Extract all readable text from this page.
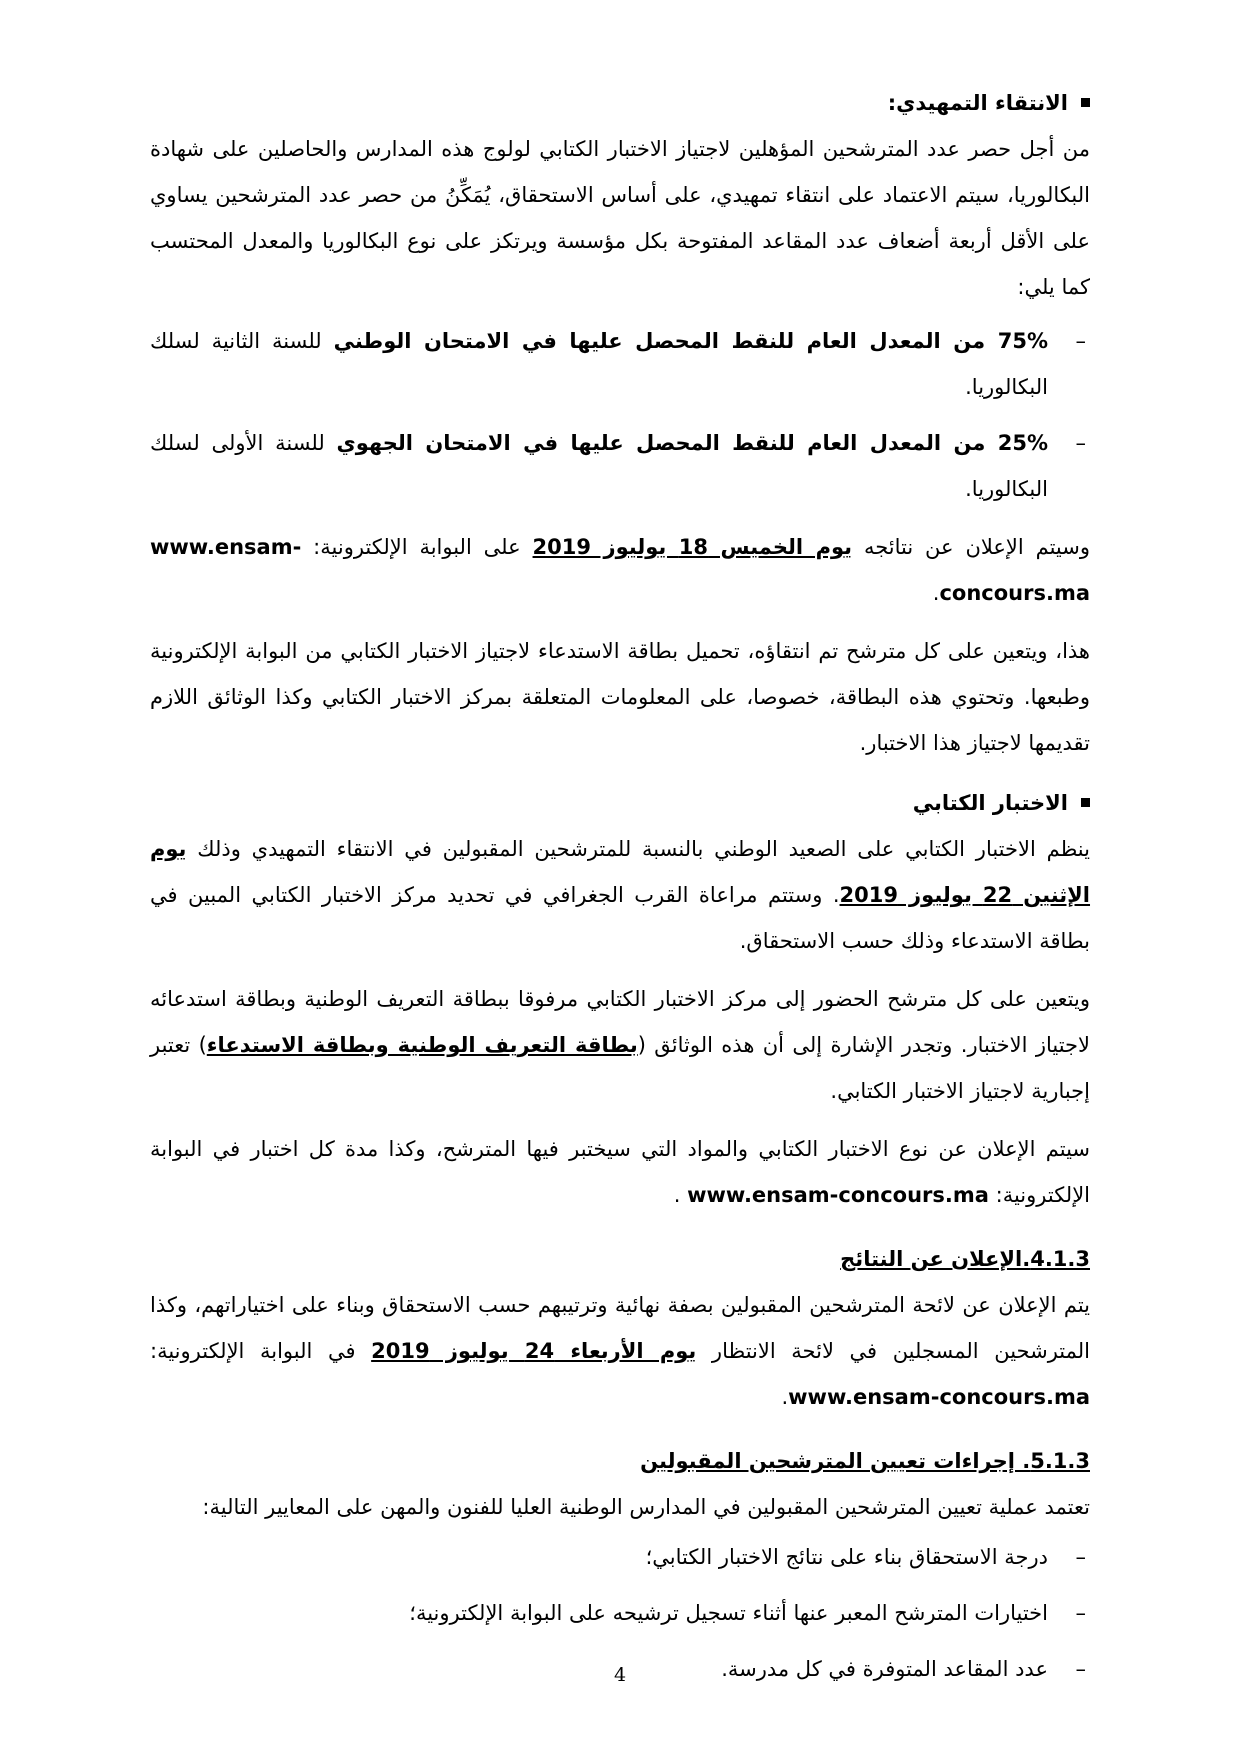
الانتقاء التمهيدي:

من أجل حصر عدد المترشحين المؤهلين لاجتياز الاختبار الكتابي لولوج هذه المدارس والحاصلين على شهادة البكالوريا، سيتم الاعتماد على انتقاء تمهيدي، على أساس الاستحقاق، يُمَكِّنُ من حصر عدد المترشحين يساوي على الأقل أربعة أضعاف عدد المقاعد المفتوحة بكل مؤسسة ويرتكز على نوع البكالوريا والمعدل المحتسب كما يلي:

–
75% من المعدل العام للنقط المحصل عليها في الامتحان الوطني للسنة الثانية لسلك البكالوريا.

–
25% من المعدل العام للنقط المحصل عليها في الامتحان الجهوي للسنة الأولى لسلك البكالوريا.

وسيتم الإعلان عن نتائجه يوم الخميس 18 يوليوز 2019 على البوابة الإلكترونية: www.ensam-concours.ma.

هذا، ويتعين على كل مترشح تم انتقاؤه، تحميل بطاقة الاستدعاء لاجتياز الاختبار الكتابي من البوابة الإلكترونية وطبعها. وتحتوي هذه البطاقة، خصوصا، على المعلومات المتعلقة بمركز الاختبار الكتابي وكذا الوثائق اللازم تقديمها لاجتياز هذا الاختبار.

الاختبار الكتابي

ينظم الاختبار الكتابي على الصعيد الوطني بالنسبة للمترشحين المقبولين في الانتقاء التمهيدي وذلك يوم الإثنين 22 يوليوز 2019. وستتم مراعاة القرب الجغرافي في تحديد مركز الاختبار الكتابي المبين في بطاقة الاستدعاء وذلك حسب الاستحقاق.

ويتعين على كل مترشح الحضور إلى مركز الاختبار الكتابي مرفوقا ببطاقة التعريف الوطنية وبطاقة استدعائه لاجتياز الاختبار. وتجدر الإشارة إلى أن هذه الوثائق (بطاقة التعريف الوطنية وبطاقة الاستدعاء) تعتبر إجبارية لاجتياز الاختبار الكتابي.

سيتم الإعلان عن نوع الاختبار الكتابي والمواد التي سيختبر فيها المترشح، وكذا مدة كل اختبار في البوابة الإلكترونية: www.ensam-concours.ma .

4.1.3.الإعلان عن النتائج

يتم الإعلان عن لائحة المترشحين المقبولين بصفة نهائية وترتيبهم حسب الاستحقاق وبناء على اختياراتهم، وكذا المترشحين المسجلين في لائحة الانتظار يوم الأربعاء 24 يوليوز 2019 في البوابة الإلكترونية: www.ensam-concours.ma.

5.1.3. إجراءات تعيين المترشحين المقبولين

تعتمد عملية تعيين المترشحين المقبولين في المدارس الوطنية العليا للفنون والمهن على المعايير التالية:

–
درجة الاستحقاق بناء على نتائج الاختبار الكتابي؛

–
اختيارات المترشح المعبر عنها أثناء تسجيل ترشيحه على البوابة الإلكترونية؛

–
عدد المقاعد المتوفرة في كل مدرسة.

4
